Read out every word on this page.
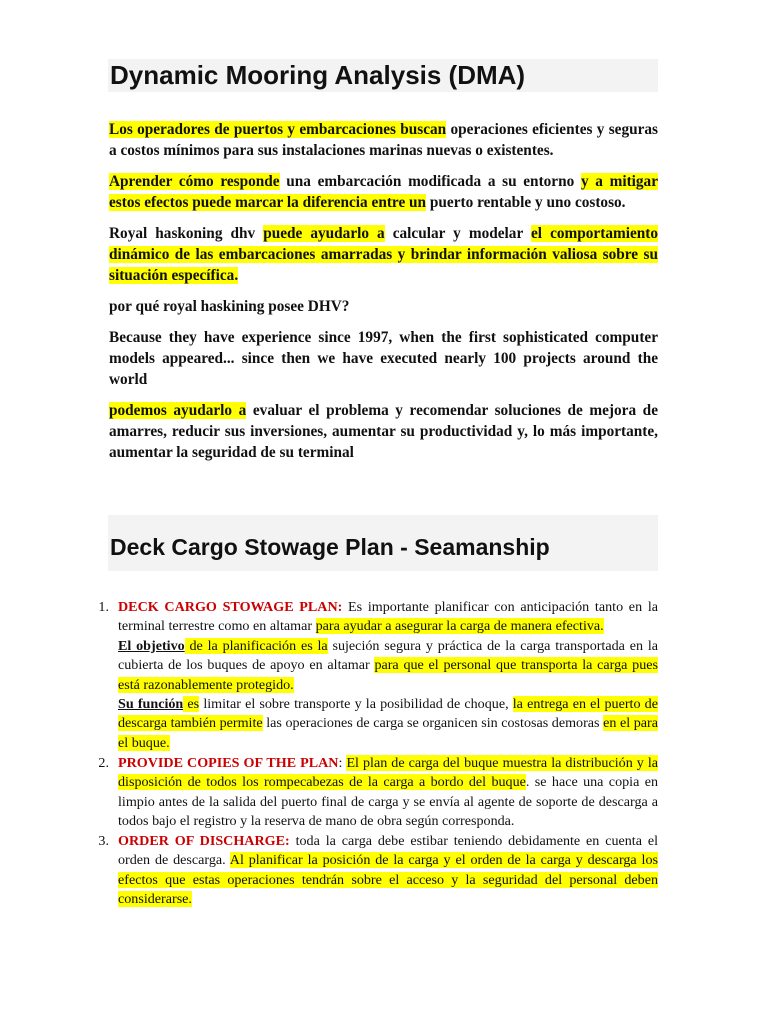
Dynamic Mooring Analysis (DMA)

Los operadores de puertos y embarcaciones buscan operaciones eficientes y seguras a costos mínimos para sus instalaciones marinas nuevas o existentes.

Aprender cómo responde una embarcación modificada a su entorno y a mitigar estos efectos puede marcar la diferencia entre un puerto rentable y uno costoso.

Royal haskoning dhv puede ayudarlo a calcular y modelar el comportamiento dinámico de las embarcaciones amarradas y brindar información valiosa sobre su situación específica.

por qué royal haskining posee DHV?

Because they have experience since 1997, when the first sophisticated computer models appeared... since then we have executed nearly 100 projects around the world

podemos ayudarlo a evaluar el problema y recomendar soluciones de mejora de amarres, reducir sus inversiones, aumentar su productividad y, lo más importante, aumentar la seguridad de su terminal

Deck Cargo Stowage Plan - Seamanship
1. DECK CARGO STOWAGE PLAN: Es importante planificar con anticipación tanto en la terminal terrestre como en altamar para ayudar a asegurar la carga de manera efectiva.
El objetivo de la planificación es la sujeción segura y práctica de la carga transportada en la cubierta de los buques de apoyo en altamar para que el personal que transporta la carga pues está razonablemente protegido.
Su función es limitar el sobre transporte y la posibilidad de choque, la entrega en el puerto de descarga también permite las operaciones de carga se organicen sin costosas demoras en el para el buque.
2. PROVIDE COPIES OF THE PLAN: El plan de carga del buque muestra la distribución y la disposición de todos los rompecabezas de la carga a bordo del buque. se hace una copia en limpio antes de la salida del puerto final de carga y se envía al agente de soporte de descarga a todos bajo el registro y la reserva de mano de obra según corresponda.
3. ORDER OF DISCHARGE: toda la carga debe estibar teniendo debidamente en cuenta el orden de descarga. Al planificar la posición de la carga y el orden de la carga y descarga los efectos que estas operaciones tendrán sobre el acceso y la seguridad del personal deben considerarse.
